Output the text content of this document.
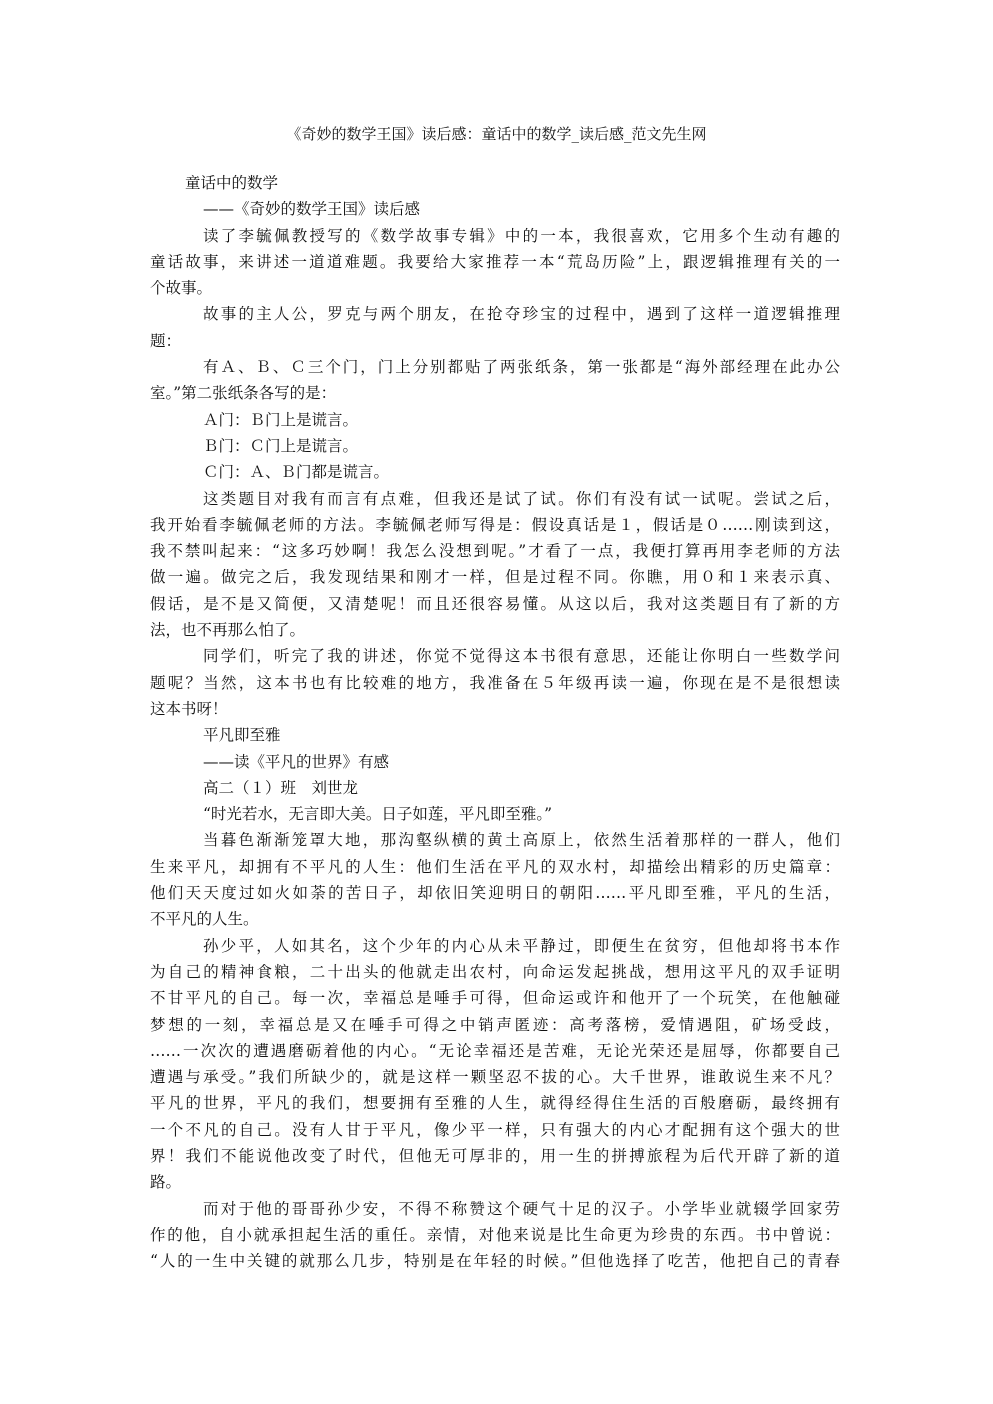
《奇妙的数学王国》读后感：童话中的数学_读后感_范文先生网
童话中的数学
——《奇妙的数学王国》读后感
读了李毓佩教授写的《数学故事专辑》中的一本，我很喜欢，它用多个生动有趣的
童话故事，来讲述一道道难题。我要给大家推荐一本“荒岛历险”上，跟逻辑推理有关的一
个故事。
故事的主人公，罗克与两个朋友，在抢夺珍宝的过程中，遇到了这样一道逻辑推理
题：
有Ａ、Ｂ、Ｃ三个门，门上分别都贴了两张纸条，第一张都是“海外部经理在此办公
室。”第二张纸条各写的是：
Ａ门：Ｂ门上是谎言。
Ｂ门：Ｃ门上是谎言。
Ｃ门：Ａ、Ｂ门都是谎言。
这类题目对我有而言有点难，但我还是试了试。你们有没有试一试呢。尝试之后，
我开始看李毓佩老师的方法。李毓佩老师写得是：假设真话是１，假话是０……刚读到这，
我不禁叫起来：“这多巧妙啊！我怎么没想到呢。”才看了一点，我便打算再用李老师的方法
做一遍。做完之后，我发现结果和刚才一样，但是过程不同。你瞧，用０和１来表示真、
假话，是不是又简便，又清楚呢！而且还很容易懂。从这以后，我对这类题目有了新的方
法，也不再那么怕了。
同学们，听完了我的讲述，你觉不觉得这本书很有意思，还能让你明白一些数学问
题呢？当然，这本书也有比较难的地方，我准备在５年级再读一遍，你现在是不是很想读
这本书呀！
平凡即至雅
——读《平凡的世界》有感
高二（１）班　刘世龙
“时光若水，无言即大美。日子如莲，平凡即至雅。”
当暮色渐渐笼罩大地，那沟壑纵横的黄土高原上，依然生活着那样的一群人，他们
生来平凡，却拥有不平凡的人生：他们生活在平凡的双水村，却描绘出精彩的历史篇章：
他们天天度过如火如荼的苦日子，却依旧笑迎明日的朝阳……平凡即至雅，平凡的生活，
不平凡的人生。
孙少平，人如其名，这个少年的内心从未平静过，即便生在贫穷，但他却将书本作
为自己的精神食粮，二十出头的他就走出农村，向命运发起挑战，想用这平凡的双手证明
不甘平凡的自己。每一次，幸福总是唾手可得，但命运或许和他开了一个玩笑，在他触碰
梦想的一刻，幸福总是又在唾手可得之中销声匿迹：高考落榜，爱情遇阻，矿场受歧，
……一次次的遭遇磨砺着他的内心。“无论幸福还是苦难，无论光荣还是屈辱，你都要自己
遭遇与承受。”我们所缺少的，就是这样一颗坚忍不拔的心。大千世界，谁敢说生来不凡？
平凡的世界，平凡的我们，想要拥有至雅的人生，就得经得住生活的百般磨砺，最终拥有
一个不凡的自己。没有人甘于平凡，像少平一样，只有强大的内心才配拥有这个强大的世
界！我们不能说他改变了时代，但他无可厚非的，用一生的拼搏旅程为后代开辟了新的道
路。
而对于他的哥哥孙少安，不得不称赞这个硬气十足的汉子。小学毕业就辍学回家劳
作的他，自小就承担起生活的重任。亲情，对他来说是比生命更为珍贵的东西。书中曾说：
“人的一生中关键的就那么几步，特别是在年轻的时候。”但他选择了吃苦，他把自己的青春
